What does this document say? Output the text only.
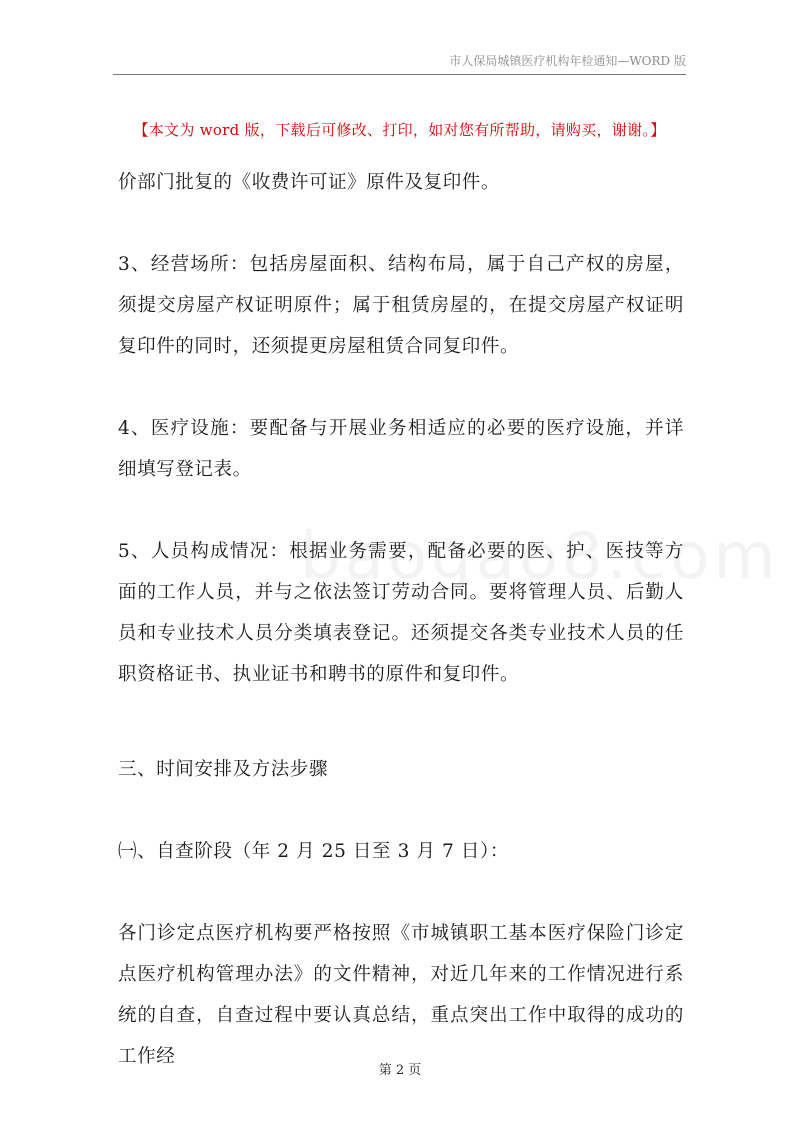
市人保局城镇医疗机构年检通知—WORD 版
【本文为 word 版，下载后可修改、打印，如对您有所帮助，请购买，谢谢。】
价部门批复的《收费许可证》原件及复印件。
3、经营场所：包括房屋面积、结构布局，属于自己产权的房屋，须提交房屋产权证明原件；属于租赁房屋的，在提交房屋产权证明复印件的同时，还须提更房屋租赁合同复印件。
4、医疗设施：要配备与开展业务相适应的必要的医疗设施，并详细填写登记表。
5、人员构成情况：根据业务需要，配备必要的医、护、医技等方面的工作人员，并与之依法签订劳动合同。要将管理人员、后勤人员和专业技术人员分类填表登记。还须提交各类专业技术人员的任职资格证书、执业证书和聘书的原件和复印件。
三、时间安排及方法步骤
㈠、自查阶段（年 2 月 25 日至 3 月 7 日）：
各门诊定点医疗机构要严格按照《市城镇职工基本医疗保险门诊定点医疗机构管理办法》的文件精神，对近几年来的工作情况进行系统的自查，自查过程中要认真总结，重点突出工作中取得的成功的工作经
第 2 页
